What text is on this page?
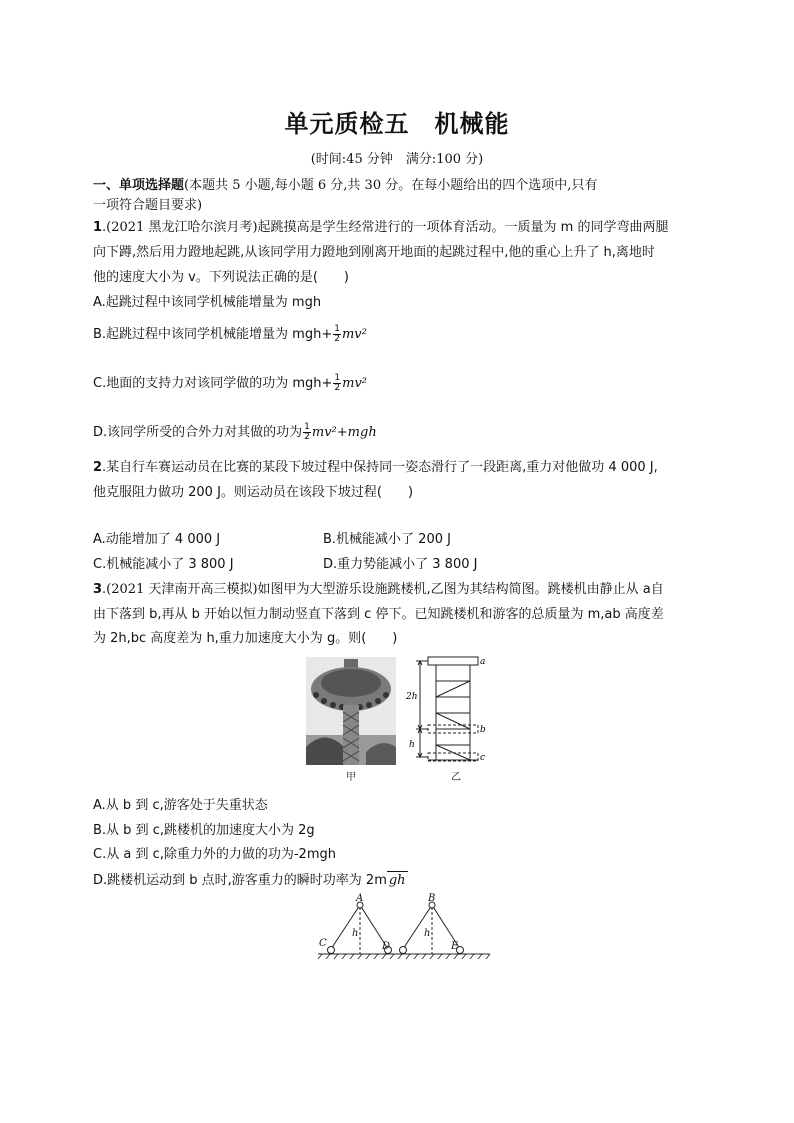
单元质检五　机械能
(时间:45 分钟　满分:100 分)
一、单项选择题(本题共 5 小题,每小题 6 分,共 30 分。在每小题给出的四个选项中,只有
一项符合题目要求)
1.(2021 黑龙江哈尔滨月考)起跳摸高是学生经常进行的一项体育活动。一质量为 m 的同学弯曲两腿
向下蹲,然后用力蹬地起跳,从该同学用力蹬地到刚离开地面的起跳过程中,他的重心上升了 h,离地时
他的速度大小为 v。下列说法正确的是(　　)
A.起跳过程中该同学机械能增量为 mgh
B.起跳过程中该同学机械能增量为 $mgh+ \frac{1}{2} mv^2$
C.地面的支持力对该同学做的功为 $mgh+ \frac{1}{2} mv^2$
D.该同学所受的合外力对其做的功为 $\frac{1}{2} mv^2+mgh$
2.某自行车赛运动员在比赛的某段下坡过程中保持同一姿态滑行了一段距离,重力对他做功 4 000 J,
他克服阻力做功 200 J。则运动员在该段下坡过程(　　)
A.动能增加了 4 000 J	B.机械能减小了 200 J
C.机械能减小了 3 800 J	D.重力势能减小了 3 800 J
3.(2021 天津南开高三模拟)如图甲为大型游乐设施跳楼机,乙图为其结构简图。跳楼机由静止从 a自
由下落到 b,再从 b 开始以恒力制动竖直下落到 c 停下。已知跳楼机和游客的总质量为 m,ab 高度差
为 2h,bc 高度差为 h,重力加速度大小为 g。则(　　)
甲
a
b
c
2h
h
乙
A.从 b 到 c,游客处于失重状态
B.从 b 到 c,跳楼机的加速度大小为 2g
C.从 a 到 c,除重力外的力做的功为-2mgh
D.跳楼机运动到 b 点时,游客重力的瞬时功率为 2m gh
A	B
C	D	E
h	h
